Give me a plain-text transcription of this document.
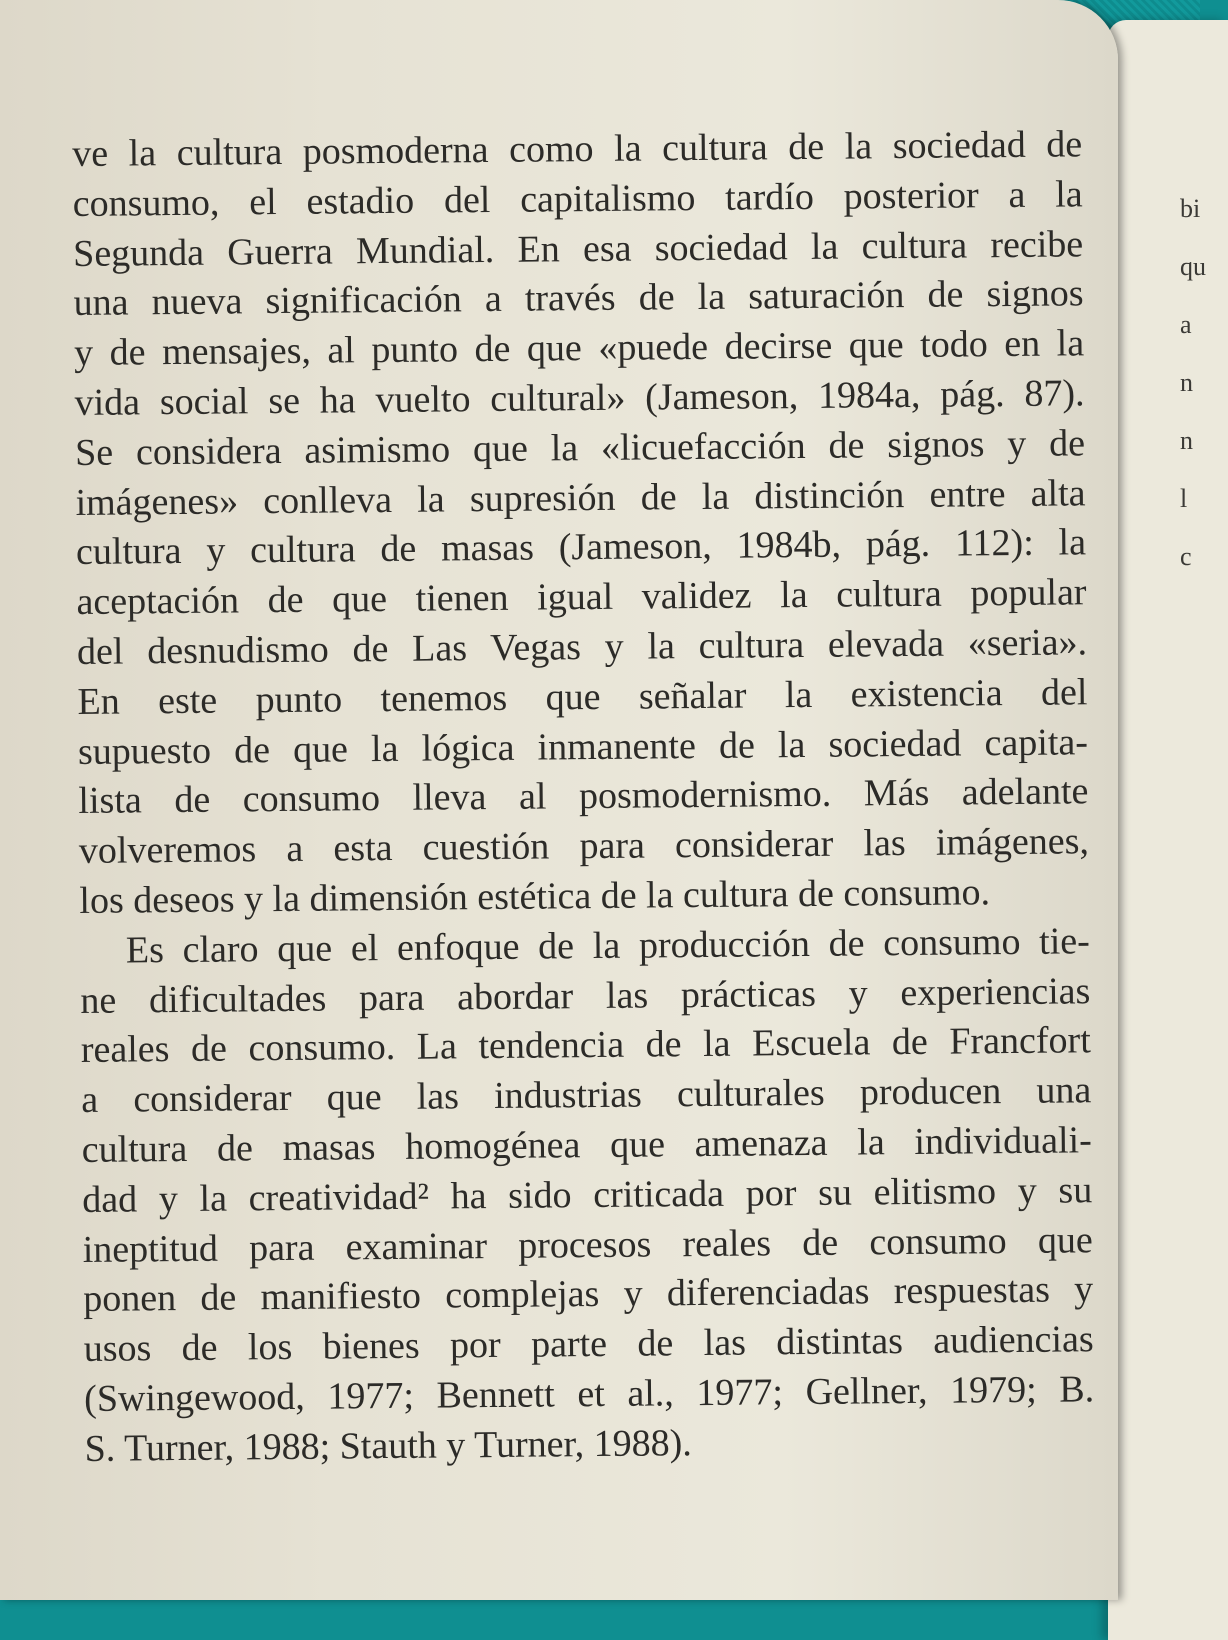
bi
qu
a
n
n
l
c
ve la cultura posmoderna como la cultura de la sociedad de
consumo, el estadio del capitalismo tardío posterior a la
Segunda Guerra Mundial. En esa sociedad la cultura recibe
una nueva significación a través de la saturación de signos
y de mensajes, al punto de que «puede decirse que todo en la
vida social se ha vuelto cultural» (Jameson, 1984a, pág. 87).
Se considera asimismo que la «licuefacción de signos y de
imágenes» conlleva la supresión de la distinción entre alta
cultura y cultura de masas (Jameson, 1984b, pág. 112): la
aceptación de que tienen igual validez la cultura popular
del desnudismo de Las Vegas y la cultura elevada «seria».
En este punto tenemos que señalar la existencia del
supuesto de que la lógica inmanente de la sociedad capita-
lista de consumo lleva al posmodernismo. Más adelante
volveremos a esta cuestión para considerar las imágenes,
los deseos y la dimensión estética de la cultura de consumo.
Es claro que el enfoque de la producción de consumo tie-
ne dificultades para abordar las prácticas y experiencias
reales de consumo. La tendencia de la Escuela de Francfort
a considerar que las industrias culturales producen una
cultura de masas homogénea que amenaza la individuali-
dad y la creatividad² ha sido criticada por su elitismo y su
ineptitud para examinar procesos reales de consumo que
ponen de manifiesto complejas y diferenciadas respuestas y
usos de los bienes por parte de las distintas audiencias
(Swingewood, 1977; Bennett et al., 1977; Gellner, 1979; B.
S. Turner, 1988; Stauth y Turner, 1988).
